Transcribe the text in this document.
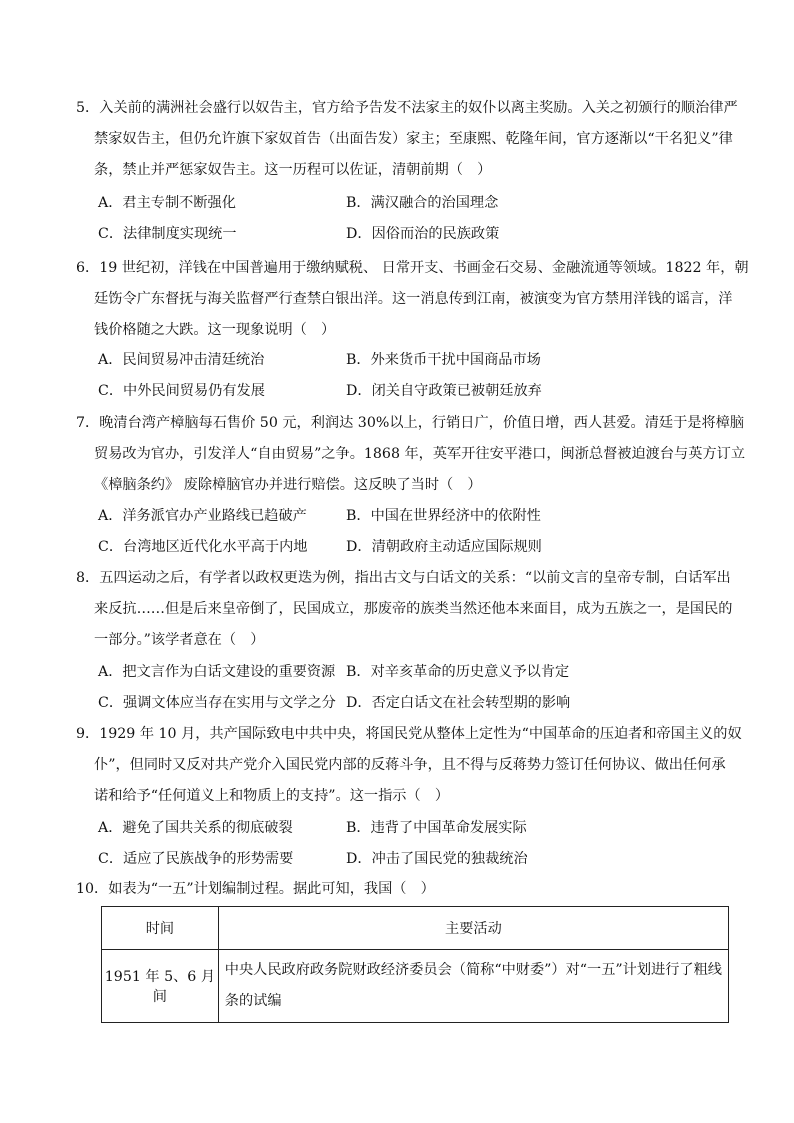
5．入关前的满洲社会盛行以奴告主，官方给予告发不法家主的奴仆以离主奖励。入关之初颁行的顺治律严
禁家奴告主，但仍允许旗下家奴首告（出面告发）家主；至康熙、乾隆年间，官方逐渐以“干名犯义”律
条，禁止并严惩家奴告主。这一历程可以佐证，清朝前期（　）
A．君主专制不断强化	B．满汉融合的治国理念
C．法律制度实现统一	D．因俗而治的民族政策
6．19 世纪初，洋钱在中国普遍用于缴纳赋税、 日常开支、书画金石交易、金融流通等领域。1822 年，朝
廷饬令广东督抚与海关监督严行查禁白银出洋。这一消息传到江南，被演变为官方禁用洋钱的谣言，洋
钱价格随之大跌。这一现象说明（　）
A．民间贸易冲击清廷统治	B．外来货币干扰中国商品市场
C．中外民间贸易仍有发展	D．闭关自守政策已被朝廷放弃
7．晚清台湾产樟脑每石售价 50 元，利润达 30%以上，行销日广，价值日增，西人甚爱。清廷于是将樟脑
贸易改为官办，引发洋人“自由贸易”之争。1868 年，英军开往安平港口，闽浙总督被迫渡台与英方订立
《樟脑条约》 废除樟脑官办并进行赔偿。这反映了当时（　）
A．洋务派官办产业路线已趋破产	B．中国在世界经济中的依附性
C．台湾地区近代化水平高于内地	D．清朝政府主动适应国际规则
8．五四运动之后，有学者以政权更迭为例，指出古文与白话文的关系：“以前文言的皇帝专制，白话军出
来反抗……但是后来皇帝倒了，民国成立，那废帝的族类当然还他本来面目，成为五族之一，是国民的
一部分。”该学者意在（　）
A．把文言作为白话文建设的重要资源 B．对辛亥革命的历史意义予以肯定
C．强调文体应当存在实用与文学之分 D．否定白话文在社会转型期的影响
9．1929 年 10 月，共产国际致电中共中央，将国民党从整体上定性为“中国革命的压迫者和帝国主义的奴
仆”，但同时又反对共产党介入国民党内部的反蒋斗争，且不得与反蒋势力签订任何协议、做出任何承
诺和给予“任何道义上和物质上的支持”。这一指示（　）
A．避免了国共关系的彻底破裂	B．违背了中国革命发展实际
C．适应了民族战争的形势需要	D．冲击了国民党的独裁统治
10．如表为“一五”计划编制过程。据此可知，我国（　）
时间	主要活动
1951 年 5、6 月间	中央人民政府政务院财政经济委员会（简称“中财委”）对“一五”计划进行了粗线
条的试编
